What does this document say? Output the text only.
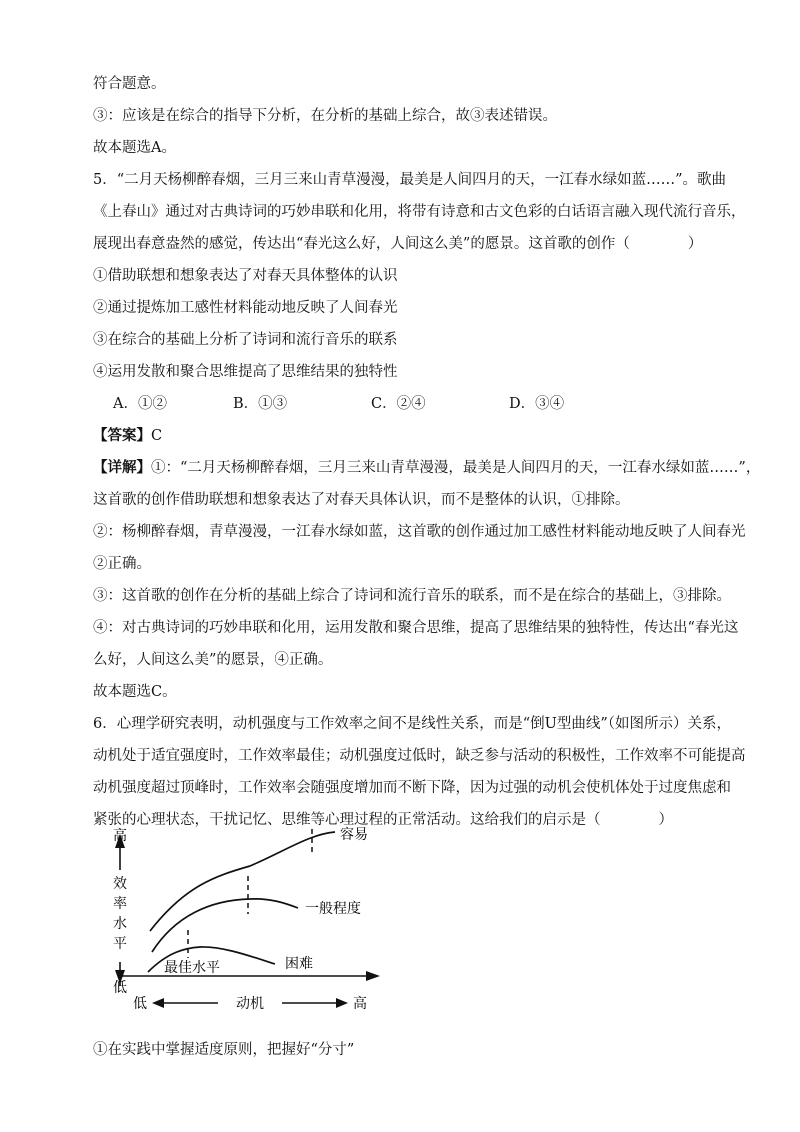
符合题意。
③：应该是在综合的指导下分析，在分析的基础上综合，故③表述错误。
故本题选A。
5．“二月天杨柳醉春烟，三月三来山青草漫漫，最美是人间四月的天，一江春水绿如蓝……”。歌曲
《上春山》通过对古典诗词的巧妙串联和化用，将带有诗意和古文色彩的白话语言融入现代流行音乐，
展现出春意盎然的感觉，传达出“春光这么好，人间这么美”的愿景。这首歌的创作（　　　　）
①借助联想和想象表达了对春天具体整体的认识
②通过提炼加工感性材料能动地反映了人间春光
③在综合的基础上分析了诗词和流行音乐的联系
④运用发散和聚合思维提高了思维结果的独特性
A．①②	B．①③	C．②④	D．③④
【答案】C
【详解】①：“二月天杨柳醉春烟，三月三来山青草漫漫，最美是人间四月的天，一江春水绿如蓝……”，
这首歌的创作借助联想和想象表达了对春天具体认识，而不是整体的认识，①排除。
②：杨柳醉春烟，青草漫漫，一江春水绿如蓝，这首歌的创作通过加工感性材料能动地反映了人间春光
②正确。
③：这首歌的创作在分析的基础上综合了诗词和流行音乐的联系，而不是在综合的基础上，③排除。
④：对古典诗词的巧妙串联和化用，运用发散和聚合思维，提高了思维结果的独特性，传达出“春光这
么好，人间这么美”的愿景，④正确。
故本题选C。
6．心理学研究表明，动机强度与工作效率之间不是线性关系，而是“倒U型曲线”（如图所示）关系，
动机处于适宜强度时，工作效率最佳；动机强度过低时，缺乏参与活动的积极性，工作效率不可能提高
动机强度超过顶峰时，工作效率会随强度增加而不断下降，因为过强的动机会使机体处于过度焦虑和
紧张的心理状态，干扰记忆、思维等心理过程的正常活动。这给我们的启示是（　　　　）
高
效
率
水
平
低
低	动机	高
容易
一般程度
困难
最佳水平
①在实践中掌握适度原则，把握好“分寸”
